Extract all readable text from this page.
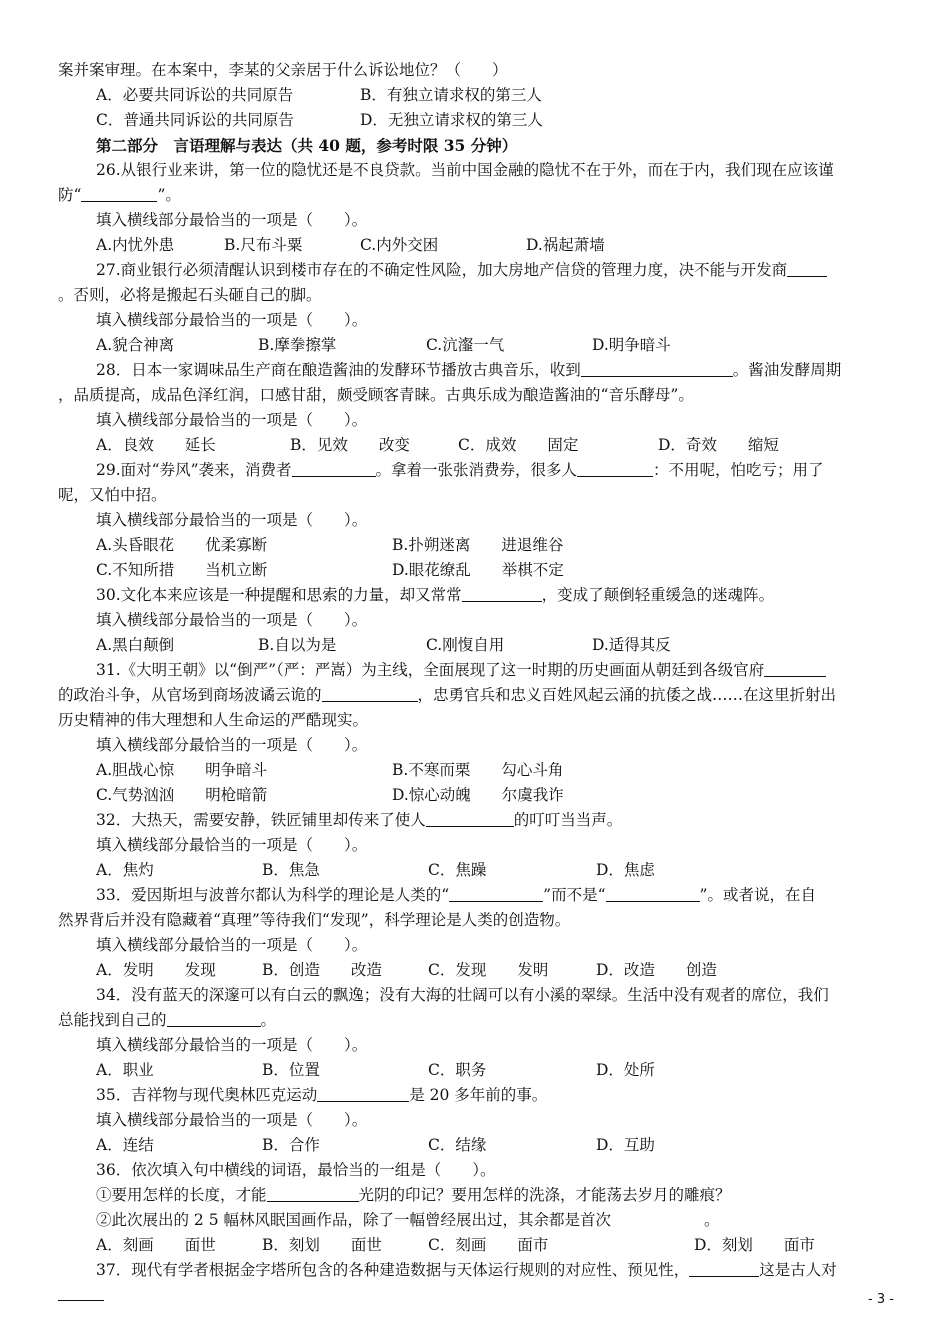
案并案审理。在本案中，李某的父亲居于什么诉讼地位？（　　）
A．必要共同诉讼的共同原告	B．有独立请求权的第三人
C．普通共同诉讼的共同原告	D．无独立请求权的第三人
第二部分　言语理解与表达（共 40 题，参考时限 35 分钟）
26.从银行业来讲，第一位的隐忧还是不良贷款。当前中国金融的隐忧不在于外，而在于内，我们现在应该谨
防“	”。
填入横线部分最恰当的一项是（　　）。
A.内忧外患	B.尺布斗粟	C.内外交困	D.祸起萧墙
27.商业银行必须清醒认识到楼市存在的不确定性风险，加大房地产信贷的管理力度，决不能与开发商
。否则，必将是搬起石头砸自己的脚。
填入横线部分最恰当的一项是（　　）。
A.貌合神离	B.摩拳擦掌	C.沆瀣一气	D.明争暗斗
28．日本一家调味品生产商在酿造酱油的发酵环节播放古典音乐，收到	。酱油发酵周期
，品质提高，成品色泽红润，口感甘甜，颇受顾客青睐。古典乐成为酿造酱油的“音乐酵母”。
填入横线部分最恰当的一项是（　　）。
A．良效　　延长	B．见效　　改变	C．成效　　固定	D．奇效　　缩短
29.面对“券风”袭来，消费者	。拿着一张张消费券，很多人	：不用呢，怕吃亏；用了
呢，又怕中招。
填入横线部分最恰当的一项是（　　）。
A.头昏眼花　　优柔寡断	B.扑朔迷离　　进退维谷
C.不知所措　　当机立断	D.眼花缭乱　　举棋不定
30.文化本来应该是一种提醒和思索的力量，却又常常	，变成了颠倒轻重缓急的迷魂阵。
填入横线部分最恰当的一项是（　　）。
A.黑白颠倒	B.自以为是	C.刚愎自用	D.适得其反
31.《大明王朝》以“倒严”（严：严嵩）为主线，全面展现了这一时期的历史画面从朝廷到各级官府
的政治斗争，从官场到商场波谲云诡的	，忠勇官兵和忠义百姓风起云涌的抗倭之战……在这里折射出
历史精神的伟大理想和人生命运的严酷现实。
填入横线部分最恰当的一项是（　　）。
A.胆战心惊　　明争暗斗	B.不寒而栗　　勾心斗角
C.气势汹汹　　明枪暗箭	D.惊心动魄　　尔虞我诈
32．大热天，需要安静，铁匠铺里却传来了使人	的叮叮当当声。
填入横线部分最恰当的一项是（　　）。
A．焦灼	B．焦急	C．焦躁	D．焦虑
33．爱因斯坦与波普尔都认为科学的理论是人类的“	”而不是“	”。或者说，在自
然界背后并没有隐藏着“真理”等待我们“发现”，科学理论是人类的创造物。
填入横线部分最恰当的一项是（　　）。
A．发明　　发现	B．创造　　改造	C．发现　　发明	D．改造　　创造
34．没有蓝天的深邃可以有白云的飘逸；没有大海的壮阔可以有小溪的翠绿。生活中没有观者的席位，我们
总能找到自己的	。
填入横线部分最恰当的一项是（　　）。
A．职业	B．位置	C．职务	D．处所
35．吉祥物与现代奥林匹克运动	是 20 多年前的事。
填入横线部分最恰当的一项是（　　）。
A．连结	B．合作	C．结缘	D．互助
36．依次填入句中横线的词语，最恰当的一组是（　　）。
①要用怎样的长度，才能	光阴的印记？要用怎样的洗涤，才能荡去岁月的雕痕？
②此次展出的 2 5 幅林风眠国画作品，除了一幅曾经展出过，其余都是首次　　　　　　。
A．刻画　　面世	B．刻划　　面世	C．刻画　　面市	D．刻划　　面市
37．现代有学者根据金字塔所包含的各种建造数据与天体运行规则的对应性、预见性，	这是古人对
- 3 -
